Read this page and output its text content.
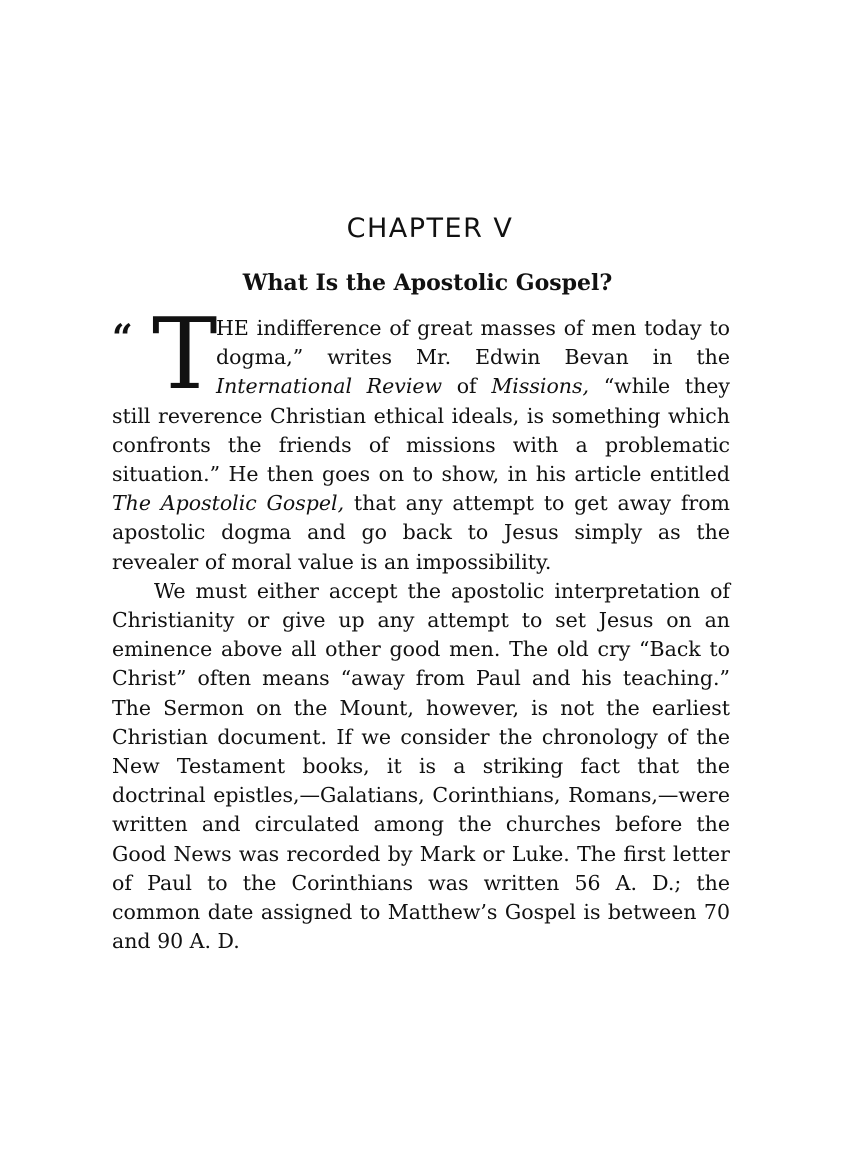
CHAPTER V
What Is the Apostolic Gospel?

“ T
HE indifference of great masses of men today to dogma,” writes Mr. Edwin Bevan in the International Review of Missions, “while they still reverence Christian ethical ideals, is something which confronts the friends of missions with a problematic situation.” He then goes on to show, in his article entitled The Apostolic Gospel, that any attempt to get away from apostolic dogma and go back to Jesus simply as the revealer of moral value is an impossibility.

We must either accept the apostolic interpretation of Christianity or give up any attempt to set Jesus on an eminence above all other good men. The old cry “Back to Christ” often means “away from Paul and his teaching.” The Sermon on the Mount, however, is not the earliest Christian document. If we consider the chronology of the New Testament books, it is a striking fact that the doctrinal epistles,—Galatians, Corinthians, Romans,—were written and circulated among the churches before the Good News was recorded by Mark or Luke. The first letter of Paul to the Corinthians was written 56 A. D.; the common date assigned to Matthew’s Gospel is between 70 and 90 A. D.
